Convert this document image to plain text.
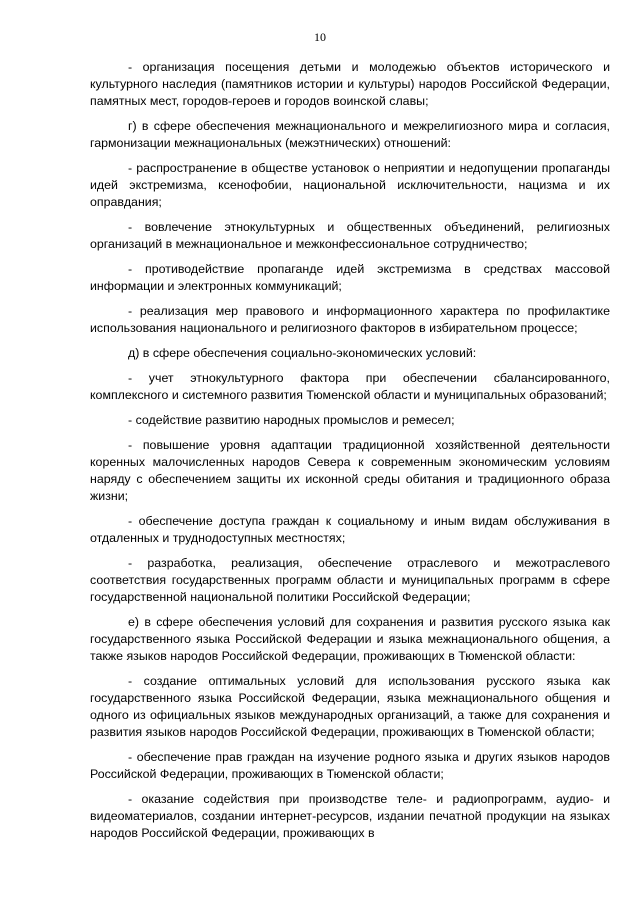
10

- организация посещения детьми и молодежью объектов исторического и культурного наследия (памятников истории и культуры) народов Российской Федерации, памятных мест, городов-героев и городов воинской славы;

г) в сфере обеспечения межнационального и межрелигиозного мира и согласия, гармонизации межнациональных (межэтнических) отношений:

- распространение в обществе установок о неприятии и недопущении пропаганды идей экстремизма, ксенофобии, национальной исключительности, нацизма и их оправдания;

- вовлечение этнокультурных и общественных объединений, религиозных организаций в межнациональное и межконфессиональное сотрудничество;

- противодействие пропаганде идей экстремизма в средствах массовой информации и электронных коммуникаций;

- реализация мер правового и информационного характера по профилактике использования национального и религиозного факторов в избирательном процессе;

д) в сфере обеспечения социально-экономических условий:

- учет этнокультурного фактора при обеспечении сбалансированного, комплексного и системного развития Тюменской области и муниципальных образований;

- содействие развитию народных промыслов и ремесел;

- повышение уровня адаптации традиционной хозяйственной деятельности коренных малочисленных народов Севера к современным экономическим условиям наряду с обеспечением защиты их исконной среды обитания и традиционного образа жизни;

- обеспечение доступа граждан к социальному и иным видам обслуживания в отдаленных и труднодоступных местностях;

- разработка, реализация, обеспечение отраслевого и межотраслевого соответствия государственных программ области и муниципальных программ в сфере государственной национальной политики Российской Федерации;

е) в сфере обеспечения условий для сохранения и развития русского языка как государственного языка Российской Федерации и языка межнационального общения, а также языков народов Российской Федерации, проживающих в Тюменской области:

- создание оптимальных условий для использования русского языка как государственного языка Российской Федерации, языка межнационального общения и одного из официальных языков международных организаций, а также для сохранения и развития языков народов Российской Федерации, проживающих в Тюменской области;

- обеспечение прав граждан на изучение родного языка и других языков народов Российской Федерации, проживающих в Тюменской области;

- оказание содействия при производстве теле- и радиопрограмм, аудио- и видеоматериалов, создании интернет-ресурсов, издании печатной продукции на языках народов Российской Федерации, проживающих в
